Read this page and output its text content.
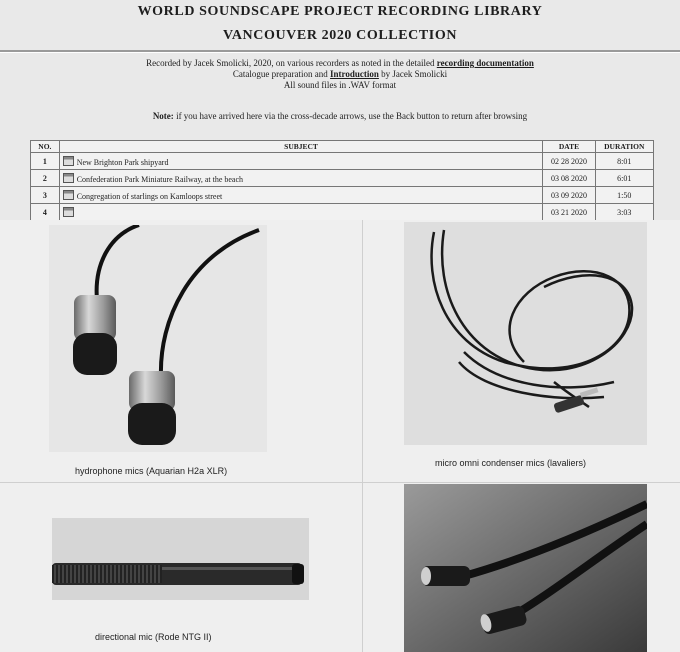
WORLD SOUNDSCAPE PROJECT RECORDING LIBRARY
VANCOUVER 2020 COLLECTION
Recorded by Jacek Smolicki, 2020, on various recorders as noted in the detailed recording documentation
Catalogue preparation and Introduction by Jacek Smolicki
All sound files in .WAV format
Note: if you have arrived here via the cross-decade arrows, use the Back button to return after browsing
NO.	SUBJECT	DATE	DURATION
1	New Brighton Park shipyard	02 28 2020	8:01
2	Confederation Park Miniature Railway, at the beach	03 08 2020	6:01
3	Congregation of starlings on Kamloops street	03 09 2020	1:50
4		03 21 2020	3:03
hydrophone mics (Aquarian H2a XLR)
micro omni condenser mics (lavaliers)
directional mic (Rode NTG II)
